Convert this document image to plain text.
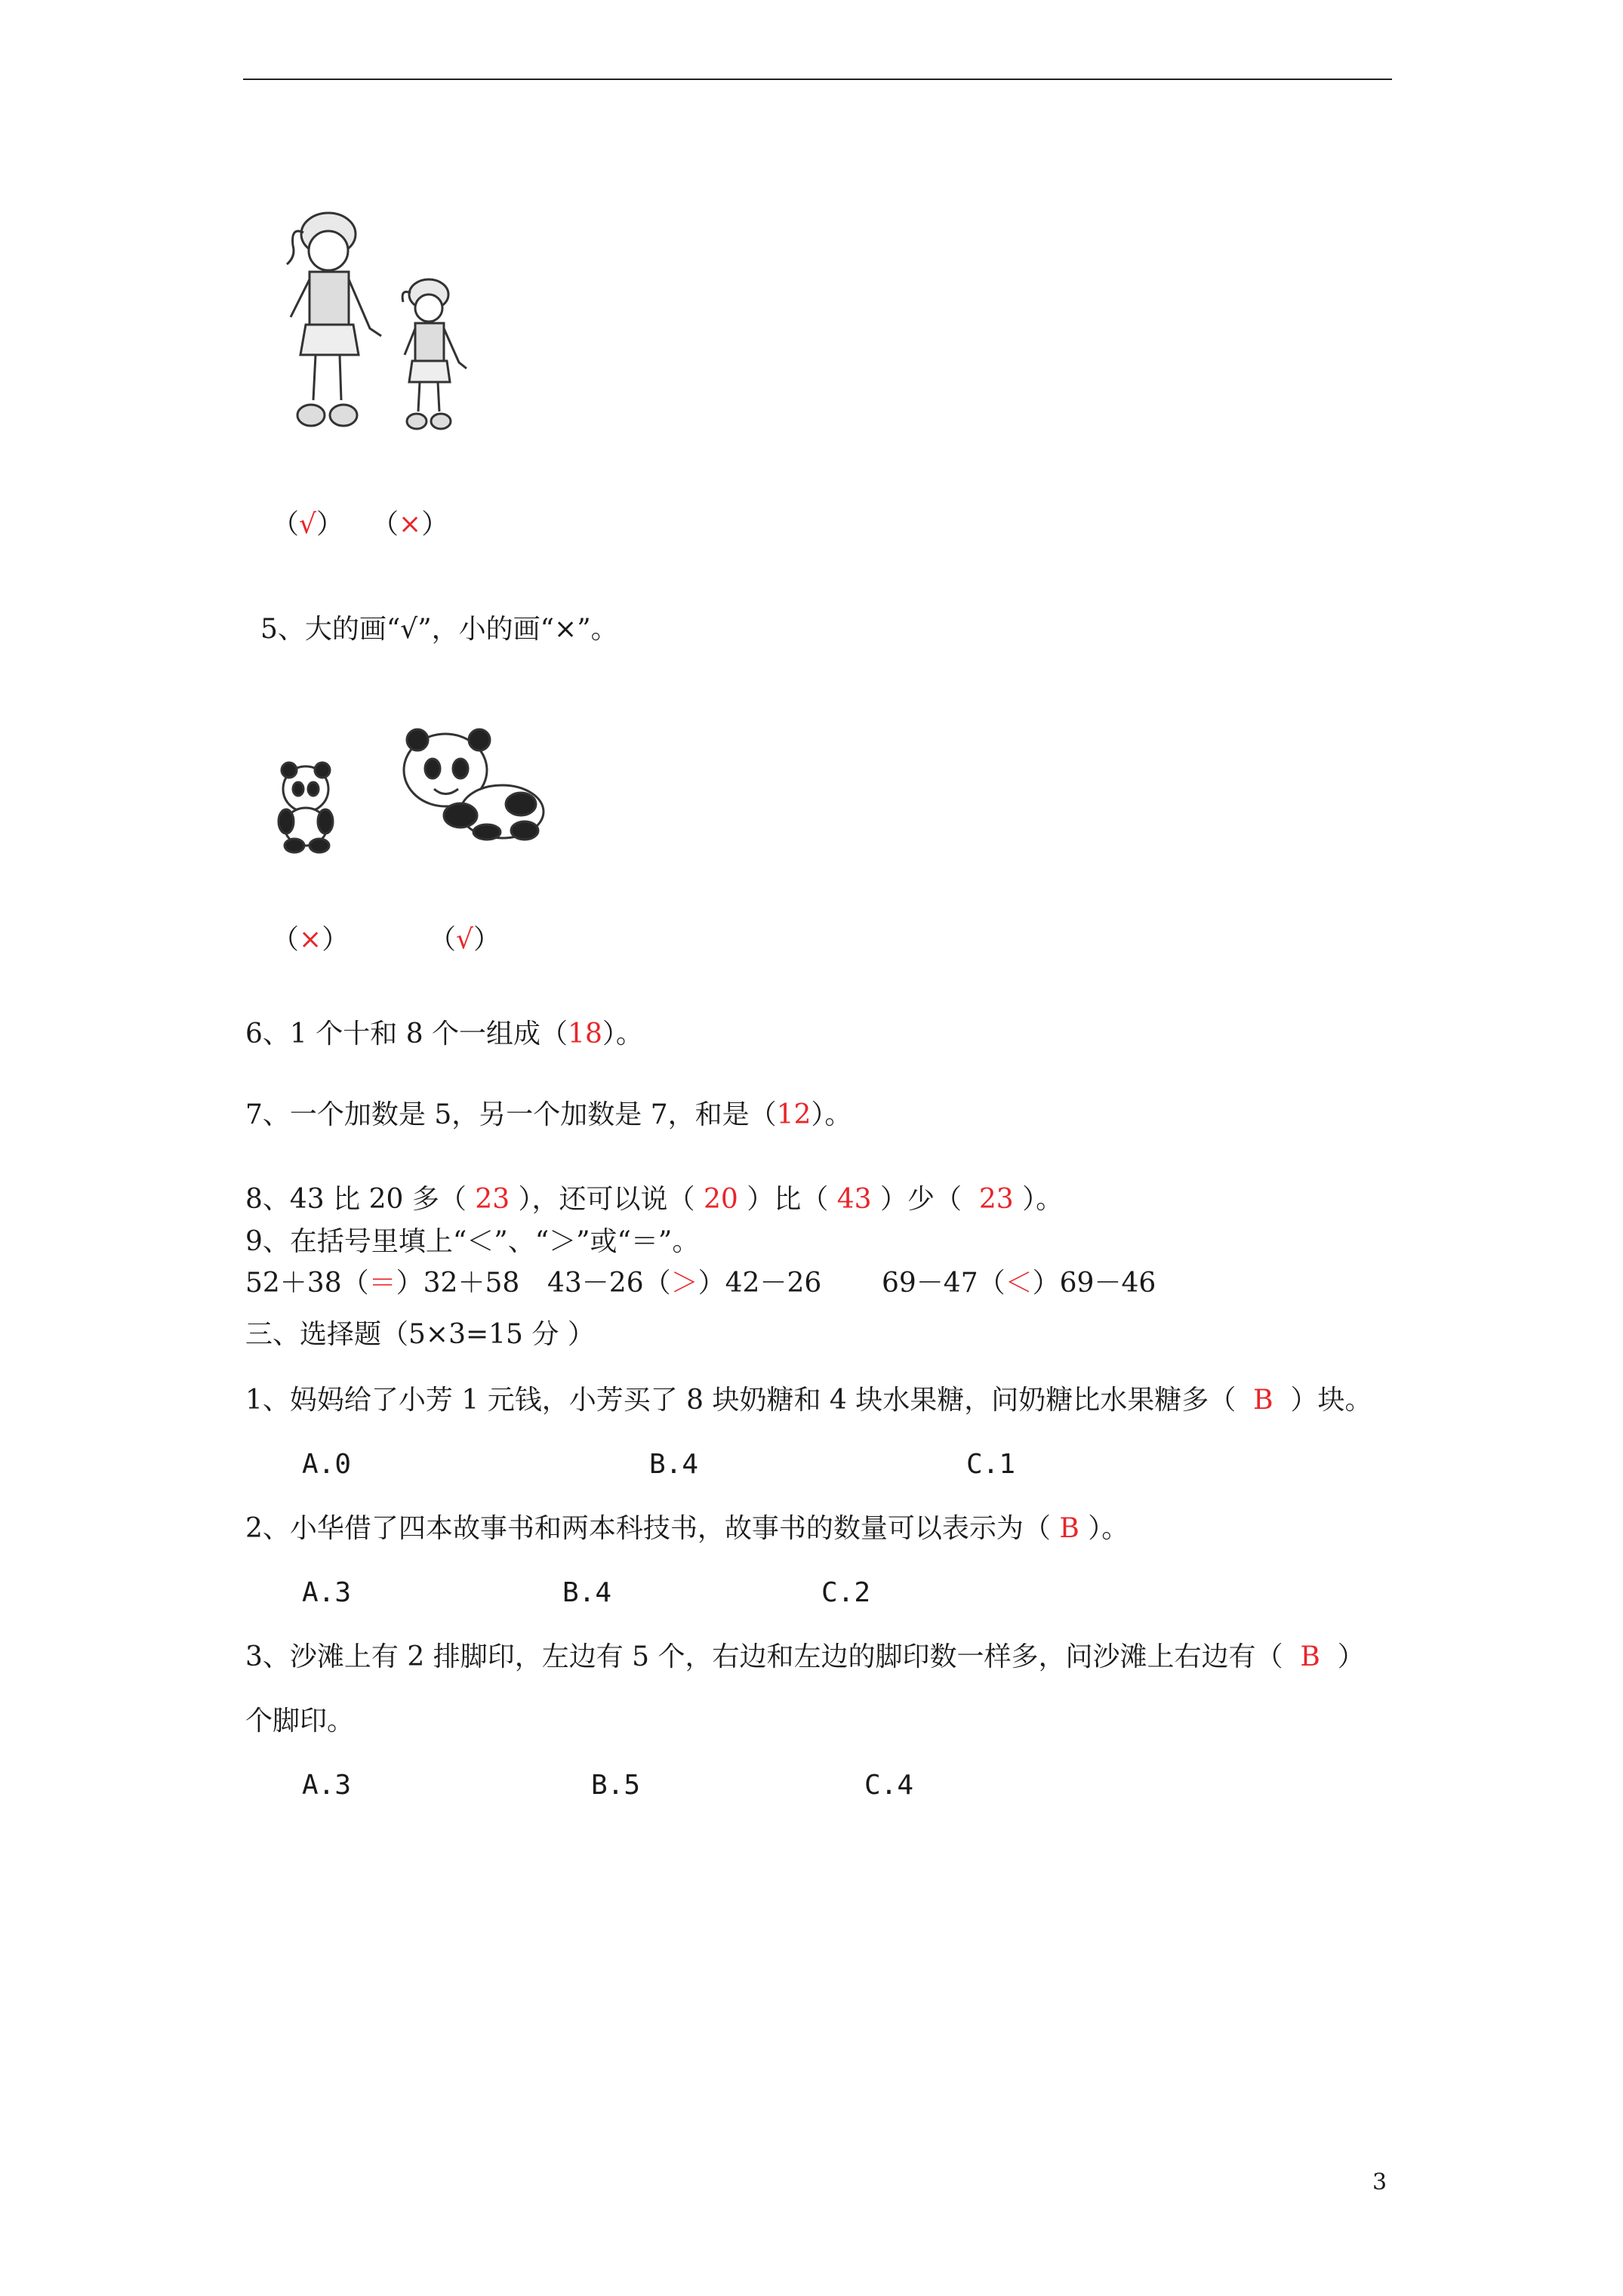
（√） （×）
5、大的画“√”，小的画“×”。
（×）	（√）
6、1 个十和 8 个一组成（18）。
7、一个加数是 5，另一个加数是 7，和是（12）。
8、43 比 20 多（ 23 ），还可以说（ 20 ）比（ 43 ）少（  23 ）。
9、在括号里填上“＜”、“＞”或“＝”。
52＋38（＝）32＋58 43－26（＞）42－26 69－47（＜）69－46
三、选择题（5×3=15 分 ）
1、妈妈给了小芳 1 元钱，小芳买了 8 块奶糖和 4 块水果糖，问奶糖比水果糖多（  B  ）块。
A.0	B.4	C.1
2、小华借了四本故事书和两本科技书，故事书的数量可以表示为（ B ）。
A.3	B.4	C.2
3、沙滩上有 2 排脚印，左边有 5 个，右边和左边的脚印数一样多，问沙滩上右边有（  B  ）
个脚印。
A.3	B.5	C.4
3
